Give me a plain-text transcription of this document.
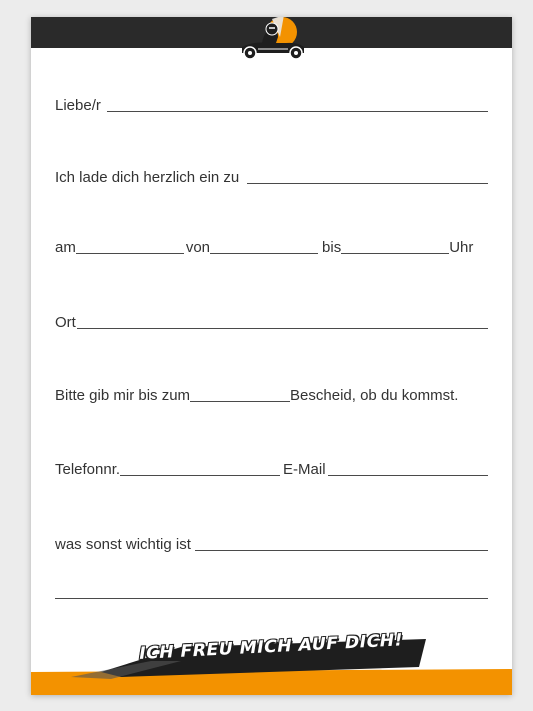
Liebe/r
Ich lade dich herzlich ein zu
am	von	bis	Uhr
Ort
Bitte gib mir bis zum	Bescheid, ob du kommst.
Telefonnr.	E-Mail
was sonst wichtig ist
ICH FREU MICH AUF DICH!
